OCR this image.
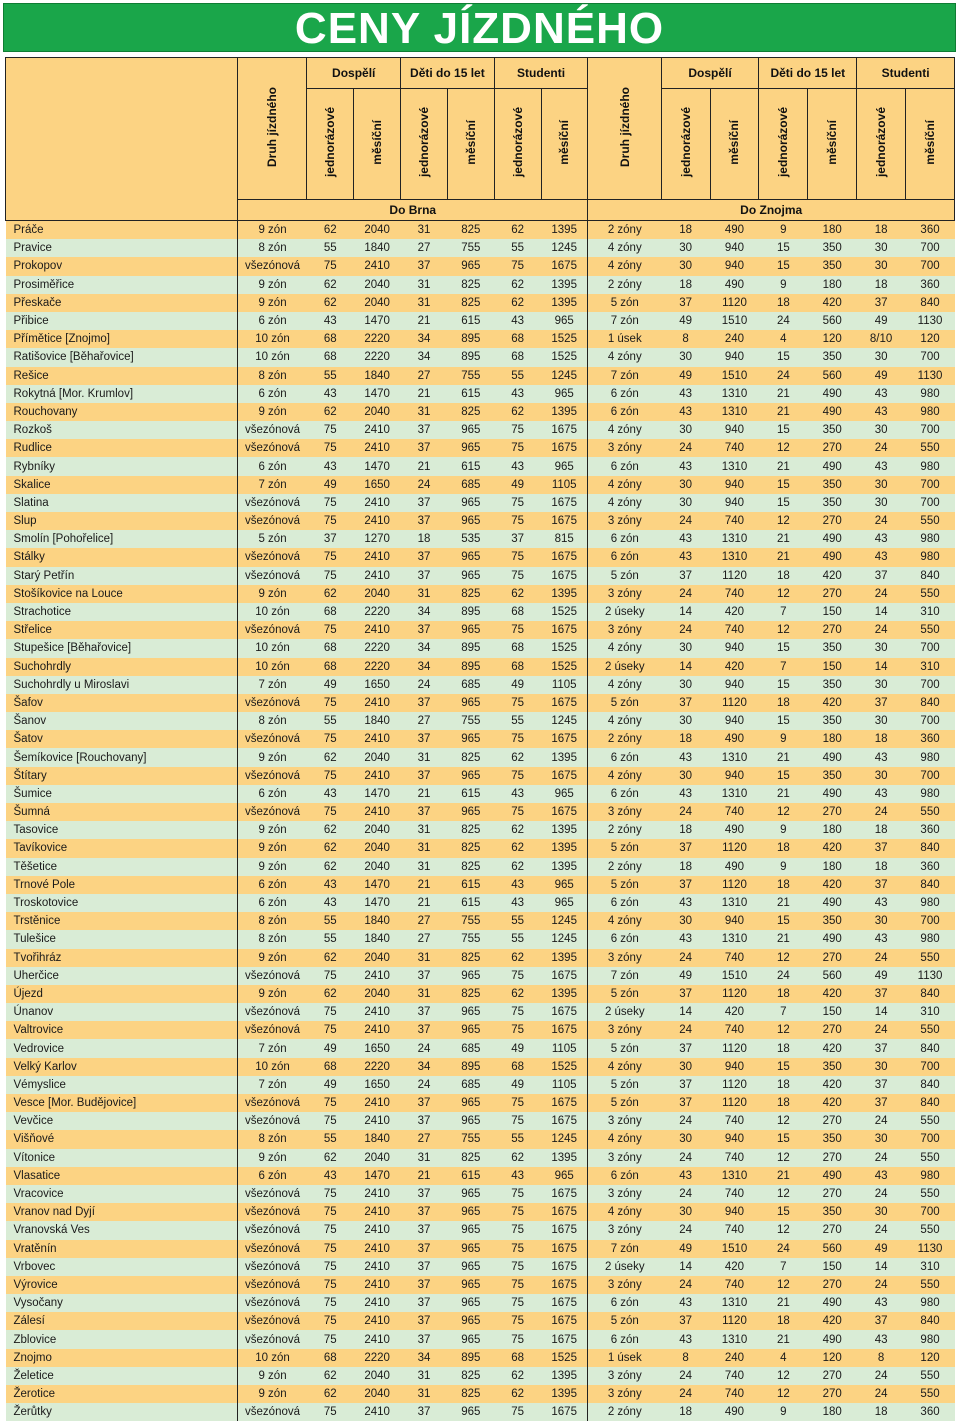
CENY JÍZDNÉHO
	Druh jízdného	Dospělí		Děti do 15 let		Studenti		Druh jízdného	Dospělí		Děti do 15 let		Studenti	
		jednorázové	měsíční	jednorázové	měsíční	jednorázové	měsíční		jednorázové	měsíční	jednorázové	měsíční	jednorázové	měsíční
	Do Brna							Do Znojma						
Práče	9 zón	62	2040	31	825	62	1395	2 zóny	18	490	9	180	18	360
Pravice	8 zón	55	1840	27	755	55	1245	4 zóny	30	940	15	350	30	700
Prokopov	všezónová	75	2410	37	965	75	1675	4 zóny	30	940	15	350	30	700
Prosiměřice	9 zón	62	2040	31	825	62	1395	2 zóny	18	490	9	180	18	360
Přeskače	9 zón	62	2040	31	825	62	1395	5 zón	37	1120	18	420	37	840
Přibice	6 zón	43	1470	21	615	43	965	7 zón	49	1510	24	560	49	1130
Přímětice [Znojmo]	10 zón	68	2220	34	895	68	1525	1 úsek	8	240	4	120	8/10	120
Ratišovice [Běhařovice]	10 zón	68	2220	34	895	68	1525	4 zóny	30	940	15	350	30	700
Rešice	8 zón	55	1840	27	755	55	1245	7 zón	49	1510	24	560	49	1130
Rokytná [Mor. Krumlov]	6 zón	43	1470	21	615	43	965	6 zón	43	1310	21	490	43	980
Rouchovany	9 zón	62	2040	31	825	62	1395	6 zón	43	1310	21	490	43	980
Rozkoš	všezónová	75	2410	37	965	75	1675	4 zóny	30	940	15	350	30	700
Rudlice	všezónová	75	2410	37	965	75	1675	3 zóny	24	740	12	270	24	550
Rybníky	6 zón	43	1470	21	615	43	965	6 zón	43	1310	21	490	43	980
Skalice	7 zón	49	1650	24	685	49	1105	4 zóny	30	940	15	350	30	700
Slatina	všezónová	75	2410	37	965	75	1675	4 zóny	30	940	15	350	30	700
Slup	všezónová	75	2410	37	965	75	1675	3 zóny	24	740	12	270	24	550
Smolín [Pohořelice]	5 zón	37	1270	18	535	37	815	6 zón	43	1310	21	490	43	980
Stálky	všezónová	75	2410	37	965	75	1675	6 zón	43	1310	21	490	43	980
Starý Petřín	všezónová	75	2410	37	965	75	1675	5 zón	37	1120	18	420	37	840
Stošíkovice na Louce	9 zón	62	2040	31	825	62	1395	3 zóny	24	740	12	270	24	550
Strachotice	10 zón	68	2220	34	895	68	1525	2 úseky	14	420	7	150	14	310
Střelice	všezónová	75	2410	37	965	75	1675	3 zóny	24	740	12	270	24	550
Stupešice [Běhařovice]	10 zón	68	2220	34	895	68	1525	4 zóny	30	940	15	350	30	700
Suchohrdly	10 zón	68	2220	34	895	68	1525	2 úseky	14	420	7	150	14	310
Suchohrdly u Miroslavi	7 zón	49	1650	24	685	49	1105	4 zóny	30	940	15	350	30	700
Šafov	všezónová	75	2410	37	965	75	1675	5 zón	37	1120	18	420	37	840
Šanov	8 zón	55	1840	27	755	55	1245	4 zóny	30	940	15	350	30	700
Šatov	všezónová	75	2410	37	965	75	1675	2 zóny	18	490	9	180	18	360
Šemíkovice [Rouchovany]	9 zón	62	2040	31	825	62	1395	6 zón	43	1310	21	490	43	980
Štítary	všezónová	75	2410	37	965	75	1675	4 zóny	30	940	15	350	30	700
Šumice	6 zón	43	1470	21	615	43	965	6 zón	43	1310	21	490	43	980
Šumná	všezónová	75	2410	37	965	75	1675	3 zóny	24	740	12	270	24	550
Tasovice	9 zón	62	2040	31	825	62	1395	2 zóny	18	490	9	180	18	360
Tavíkovice	9 zón	62	2040	31	825	62	1395	5 zón	37	1120	18	420	37	840
Těšetice	9 zón	62	2040	31	825	62	1395	2 zóny	18	490	9	180	18	360
Trnové Pole	6 zón	43	1470	21	615	43	965	5 zón	37	1120	18	420	37	840
Troskotovice	6 zón	43	1470	21	615	43	965	6 zón	43	1310	21	490	43	980
Trstěnice	8 zón	55	1840	27	755	55	1245	4 zóny	30	940	15	350	30	700
Tulešice	8 zón	55	1840	27	755	55	1245	6 zón	43	1310	21	490	43	980
Tvořihráz	9 zón	62	2040	31	825	62	1395	3 zóny	24	740	12	270	24	550
Uherčice	všezónová	75	2410	37	965	75	1675	7 zón	49	1510	24	560	49	1130
Újezd	9 zón	62	2040	31	825	62	1395	5 zón	37	1120	18	420	37	840
Únanov	všezónová	75	2410	37	965	75	1675	2 úseky	14	420	7	150	14	310
Valtrovice	všezónová	75	2410	37	965	75	1675	3 zóny	24	740	12	270	24	550
Vedrovice	7 zón	49	1650	24	685	49	1105	5 zón	37	1120	18	420	37	840
Velký Karlov	10 zón	68	2220	34	895	68	1525	4 zóny	30	940	15	350	30	700
Vémyslice	7 zón	49	1650	24	685	49	1105	5 zón	37	1120	18	420	37	840
Vesce [Mor. Budějovice]	všezónová	75	2410	37	965	75	1675	5 zón	37	1120	18	420	37	840
Vevčice	všezónová	75	2410	37	965	75	1675	3 zóny	24	740	12	270	24	550
Višňové	8 zón	55	1840	27	755	55	1245	4 zóny	30	940	15	350	30	700
Vítonice	9 zón	62	2040	31	825	62	1395	3 zóny	24	740	12	270	24	550
Vlasatice	6 zón	43	1470	21	615	43	965	6 zón	43	1310	21	490	43	980
Vracovice	všezónová	75	2410	37	965	75	1675	3 zóny	24	740	12	270	24	550
Vranov nad Dyjí	všezónová	75	2410	37	965	75	1675	4 zóny	30	940	15	350	30	700
Vranovská Ves	všezónová	75	2410	37	965	75	1675	3 zóny	24	740	12	270	24	550
Vratěnín	všezónová	75	2410	37	965	75	1675	7 zón	49	1510	24	560	49	1130
Vrbovec	všezónová	75	2410	37	965	75	1675	2 úseky	14	420	7	150	14	310
Výrovice	všezónová	75	2410	37	965	75	1675	3 zóny	24	740	12	270	24	550
Vysočany	všezónová	75	2410	37	965	75	1675	6 zón	43	1310	21	490	43	980
Zálesí	všezónová	75	2410	37	965	75	1675	5 zón	37	1120	18	420	37	840
Zblovice	všezónová	75	2410	37	965	75	1675	6 zón	43	1310	21	490	43	980
Znojmo	10 zón	68	2220	34	895	68	1525	1 úsek	8	240	4	120	8	120
Želetice	9 zón	62	2040	31	825	62	1395	3 zóny	24	740	12	270	24	550
Žerotice	9 zón	62	2040	31	825	62	1395	3 zóny	24	740	12	270	24	550
Žerůtky	všezónová	75	2410	37	965	75	1675	2 zóny	18	490	9	180	18	360
